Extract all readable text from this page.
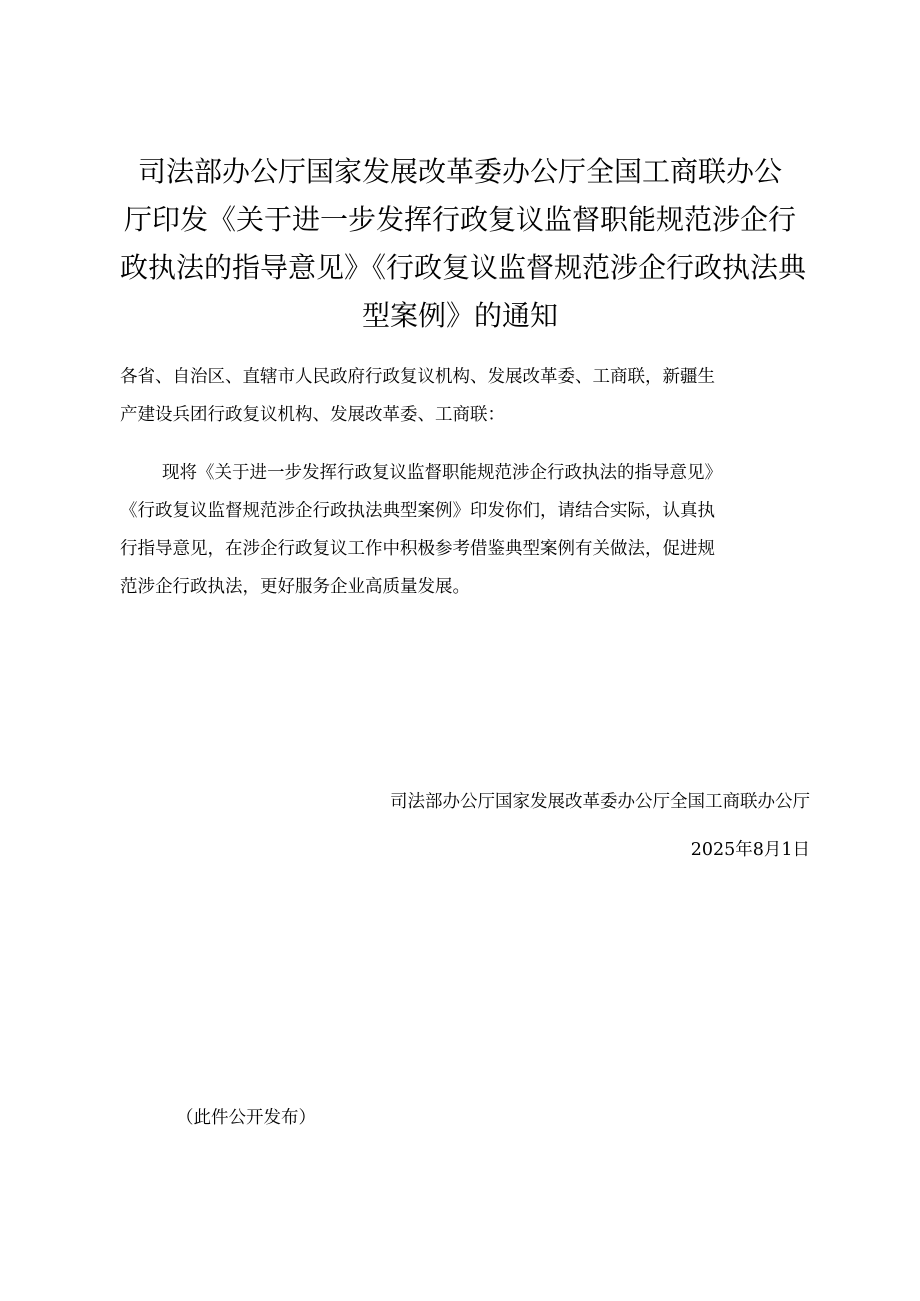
司法部办公厅国家发展改革委办公厅全国工商联办公
厅印发《关于进一步发挥行政复议监督职能规范涉企行
政执法的指导意见》《行政复议监督规范涉企行政执法典
型案例》的通知
各省、自治区、直辖市人民政府行政复议机构、发展改革委、工商联，新疆生
产建设兵团行政复议机构、发展改革委、工商联：
现将《关于进一步发挥行政复议监督职能规范涉企行政执法的指导意见》
《行政复议监督规范涉企行政执法典型案例》印发你们，请结合实际，认真执
行指导意见，在涉企行政复议工作中积极参考借鉴典型案例有关做法，促进规
范涉企行政执法，更好服务企业高质量发展。
司法部办公厅国家发展改革委办公厅全国工商联办公厅
2025年8月1日
（此件公开发布）
